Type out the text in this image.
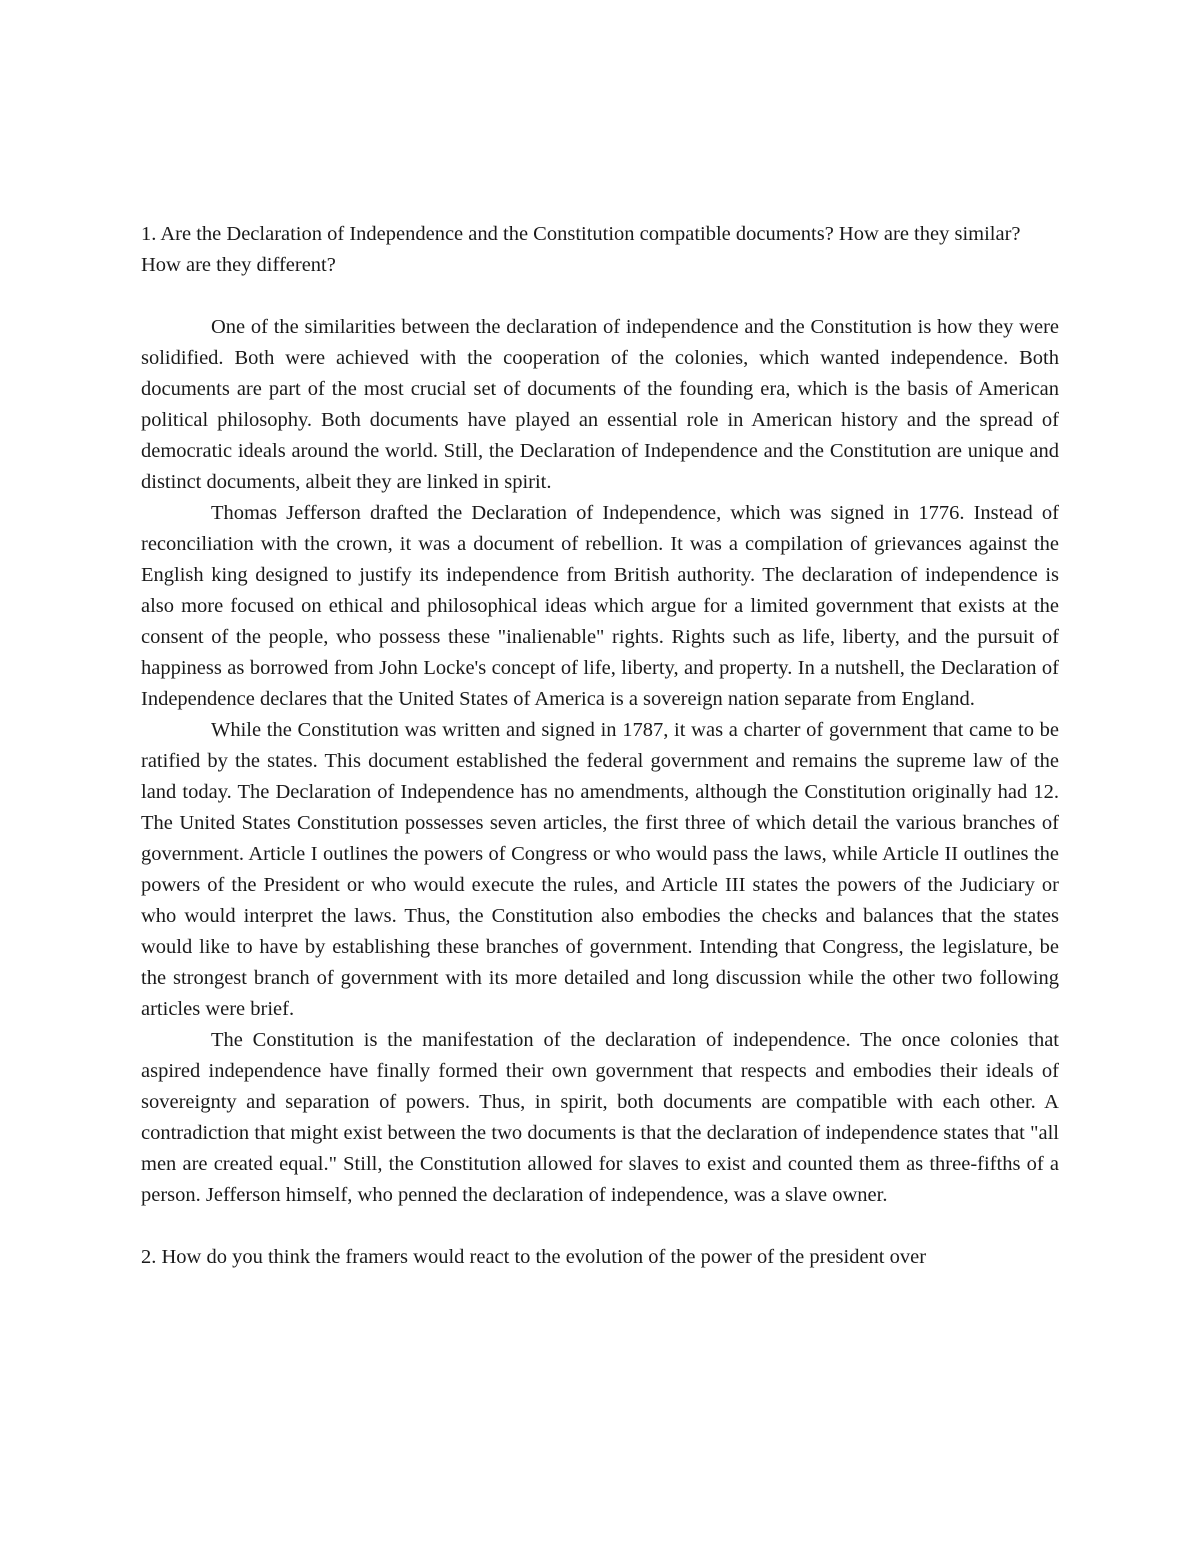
1. Are the Declaration of Independence and the Constitution compatible documents? How are they similar? How are they different?

One of the similarities between the declaration of independence and the Constitution is how they were solidified. Both were achieved with the cooperation of the colonies, which wanted independence. Both documents are part of the most crucial set of documents of the founding era, which is the basis of American political philosophy. Both documents have played an essential role in American history and the spread of democratic ideals around the world. Still, the Declaration of Independence and the Constitution are unique and distinct documents, albeit they are linked in spirit.

Thomas Jefferson drafted the Declaration of Independence, which was signed in 1776. Instead of reconciliation with the crown, it was a document of rebellion. It was a compilation of grievances against the English king designed to justify its independence from British authority. The declaration of independence is also more focused on ethical and philosophical ideas which argue for a limited government that exists at the consent of the people, who possess these "inalienable" rights. Rights such as life, liberty, and the pursuit of happiness as borrowed from John Locke's concept of life, liberty, and property. In a nutshell, the Declaration of Independence declares that the United States of America is a sovereign nation separate from England.

While the Constitution was written and signed in 1787, it was a charter of government that came to be ratified by the states. This document established the federal government and remains the supreme law of the land today. The Declaration of Independence has no amendments, although the Constitution originally had 12. The United States Constitution possesses seven articles, the first three of which detail the various branches of government. Article I outlines the powers of Congress or who would pass the laws, while Article II outlines the powers of the President or who would execute the rules, and Article III states the powers of the Judiciary or who would interpret the laws. Thus, the Constitution also embodies the checks and balances that the states would like to have by establishing these branches of government. Intending that Congress, the legislature, be the strongest branch of government with its more detailed and long discussion while the other two following articles were brief.

The Constitution is the manifestation of the declaration of independence. The once colonies that aspired independence have finally formed their own government that respects and embodies their ideals of sovereignty and separation of powers. Thus, in spirit, both documents are compatible with each other. A contradiction that might exist between the two documents is that the declaration of independence states that "all men are created equal." Still, the Constitution allowed for slaves to exist and counted them as three-fifths of a person. Jefferson himself, who penned the declaration of independence, was a slave owner.

2. How do you think the framers would react to the evolution of the power of the president over
